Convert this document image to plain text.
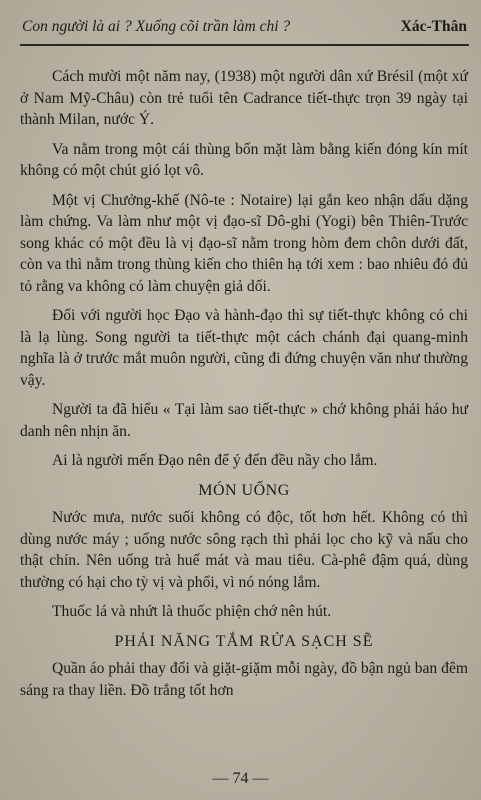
Con người là ai ? Xuống cõi trần làm chi ?	Xác-Thân

Cách mười một năm nay, (1938) một người dân xứ Brésil (một xứ ở Nam Mỹ-Châu) còn trẻ tuổi tên Cadrance tiết-thực trọn 39 ngày tại thành Milan, nước Ý.

Va nằm trong một cái thùng bốn mặt làm bằng kiến đóng kín mít không có một chút gió lọt vô.

Một vị Chưởng-khế (Nô-te : Notaire) lại gắn keo nhận dấu dặng làm chứng. Va làm như một vị đạo-sĩ Dô-ghi (Yogi) bên Thiên-Trước song khác có một đều là vị đạo-sĩ nằm trong hòm đem chôn dưới đất, còn va thì nằm trong thùng kiến cho thiên hạ tới xem : bao nhiêu đó đủ tỏ rằng va không có làm chuyện giả dối.

Đối với người học Đạo và hành-đạo thì sự tiết-thực không có chi là lạ lùng. Song người ta tiết-thực một cách chánh đại quang-minh nghĩa là ở trước mắt muôn người, cũng đi đứng chuyện văn như thường vậy.

Người ta đã hiểu « Tại làm sao tiết-thực » chớ không phải háo hư danh nên nhịn ăn.

Ai là người mến Đạo nên để ý đến đều nầy cho lắm.

MÓN UỐNG

Nước mưa, nước suối không có độc, tốt hơn hết. Không có thì dùng nước máy ; uống nước sông rạch thì phải lọc cho kỹ và nấu cho thật chín. Nên uống trà huế mát và mau tiêu. Cà-phê đậm quá, dùng thường có hại cho tỳ vị và phổi, vì nó nóng lắm.

Thuốc lá và nhứt là thuốc phiện chớ nên hút.

PHẢI NĂNG TẮM RỬA SẠCH SẼ

Quần áo phải thay đổi và giặt-giặm mỗi ngày, đồ bận ngủ ban đêm sáng ra thay liền. Đồ trắng tốt hơn

— 74 —
